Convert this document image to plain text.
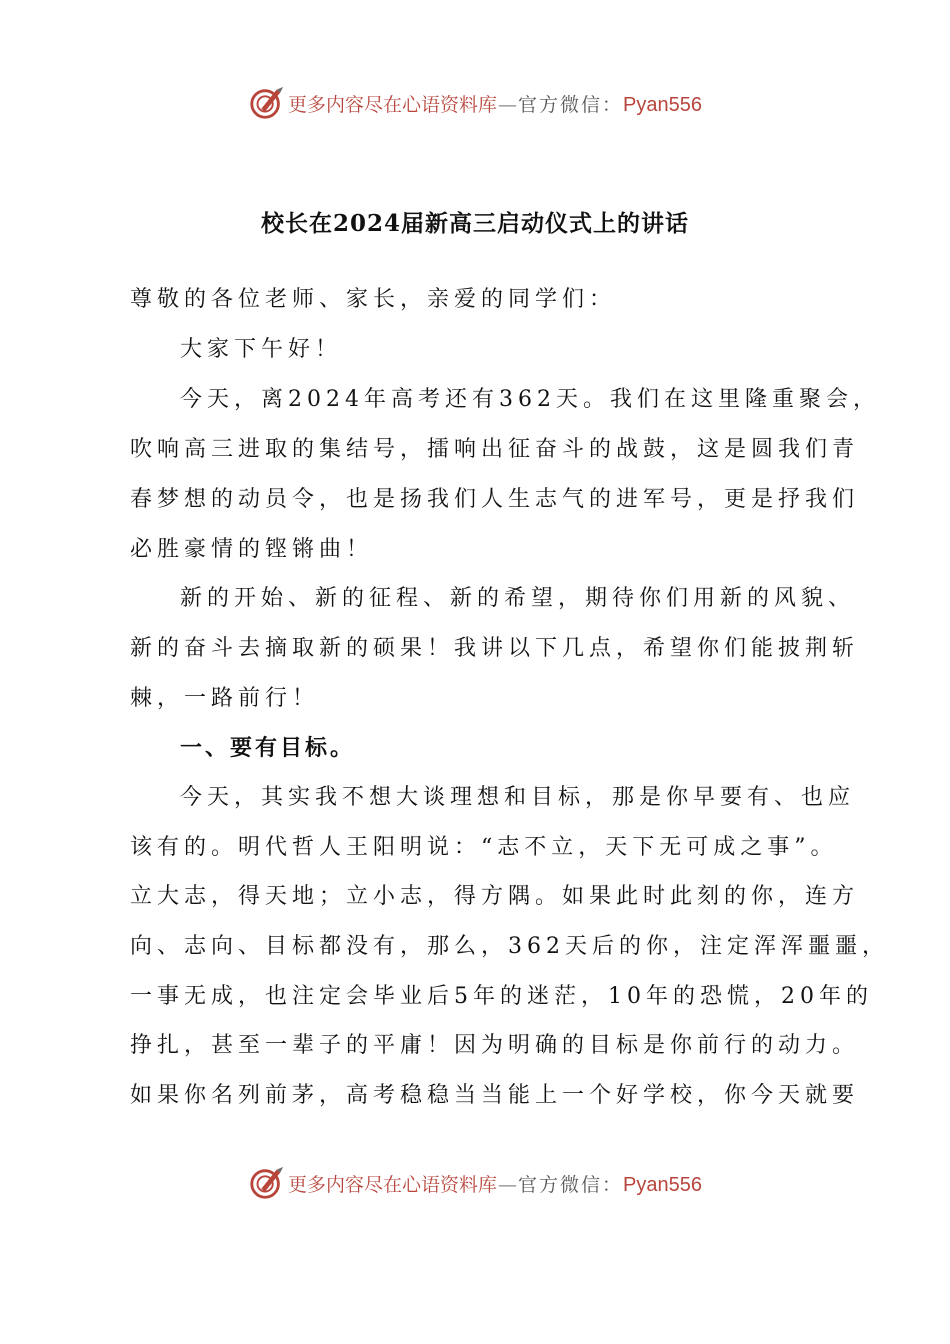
更多内容尽在心语资料库—官方微信：Pyan556
校长在2024届新高三启动仪式上的讲话
尊敬的各位老师、家长，亲爱的同学们：
大家下午好！
今天，离2024年高考还有362天。我们在这里隆重聚会，
吹响高三进取的集结号，擂响出征奋斗的战鼓，这是圆我们青
春梦想的动员令，也是扬我们人生志气的进军号，更是抒我们
必胜豪情的铿锵曲！
新的开始、新的征程、新的希望，期待你们用新的风貌、
新的奋斗去摘取新的硕果！我讲以下几点，希望你们能披荆斩
棘，一路前行！
一、要有目标。
今天，其实我不想大谈理想和目标，那是你早要有、也应
该有的。明代哲人王阳明说：“志不立，天下无可成之事”。
立大志，得天地；立小志，得方隅。如果此时此刻的你，连方
向、志向、目标都没有，那么，362天后的你，注定浑浑噩噩，
一事无成，也注定会毕业后5年的迷茫，10年的恐慌，20年的
挣扎，甚至一辈子的平庸！因为明确的目标是你前行的动力。
如果你名列前茅，高考稳稳当当能上一个好学校，你今天就要
更多内容尽在心语资料库—官方微信：Pyan556
